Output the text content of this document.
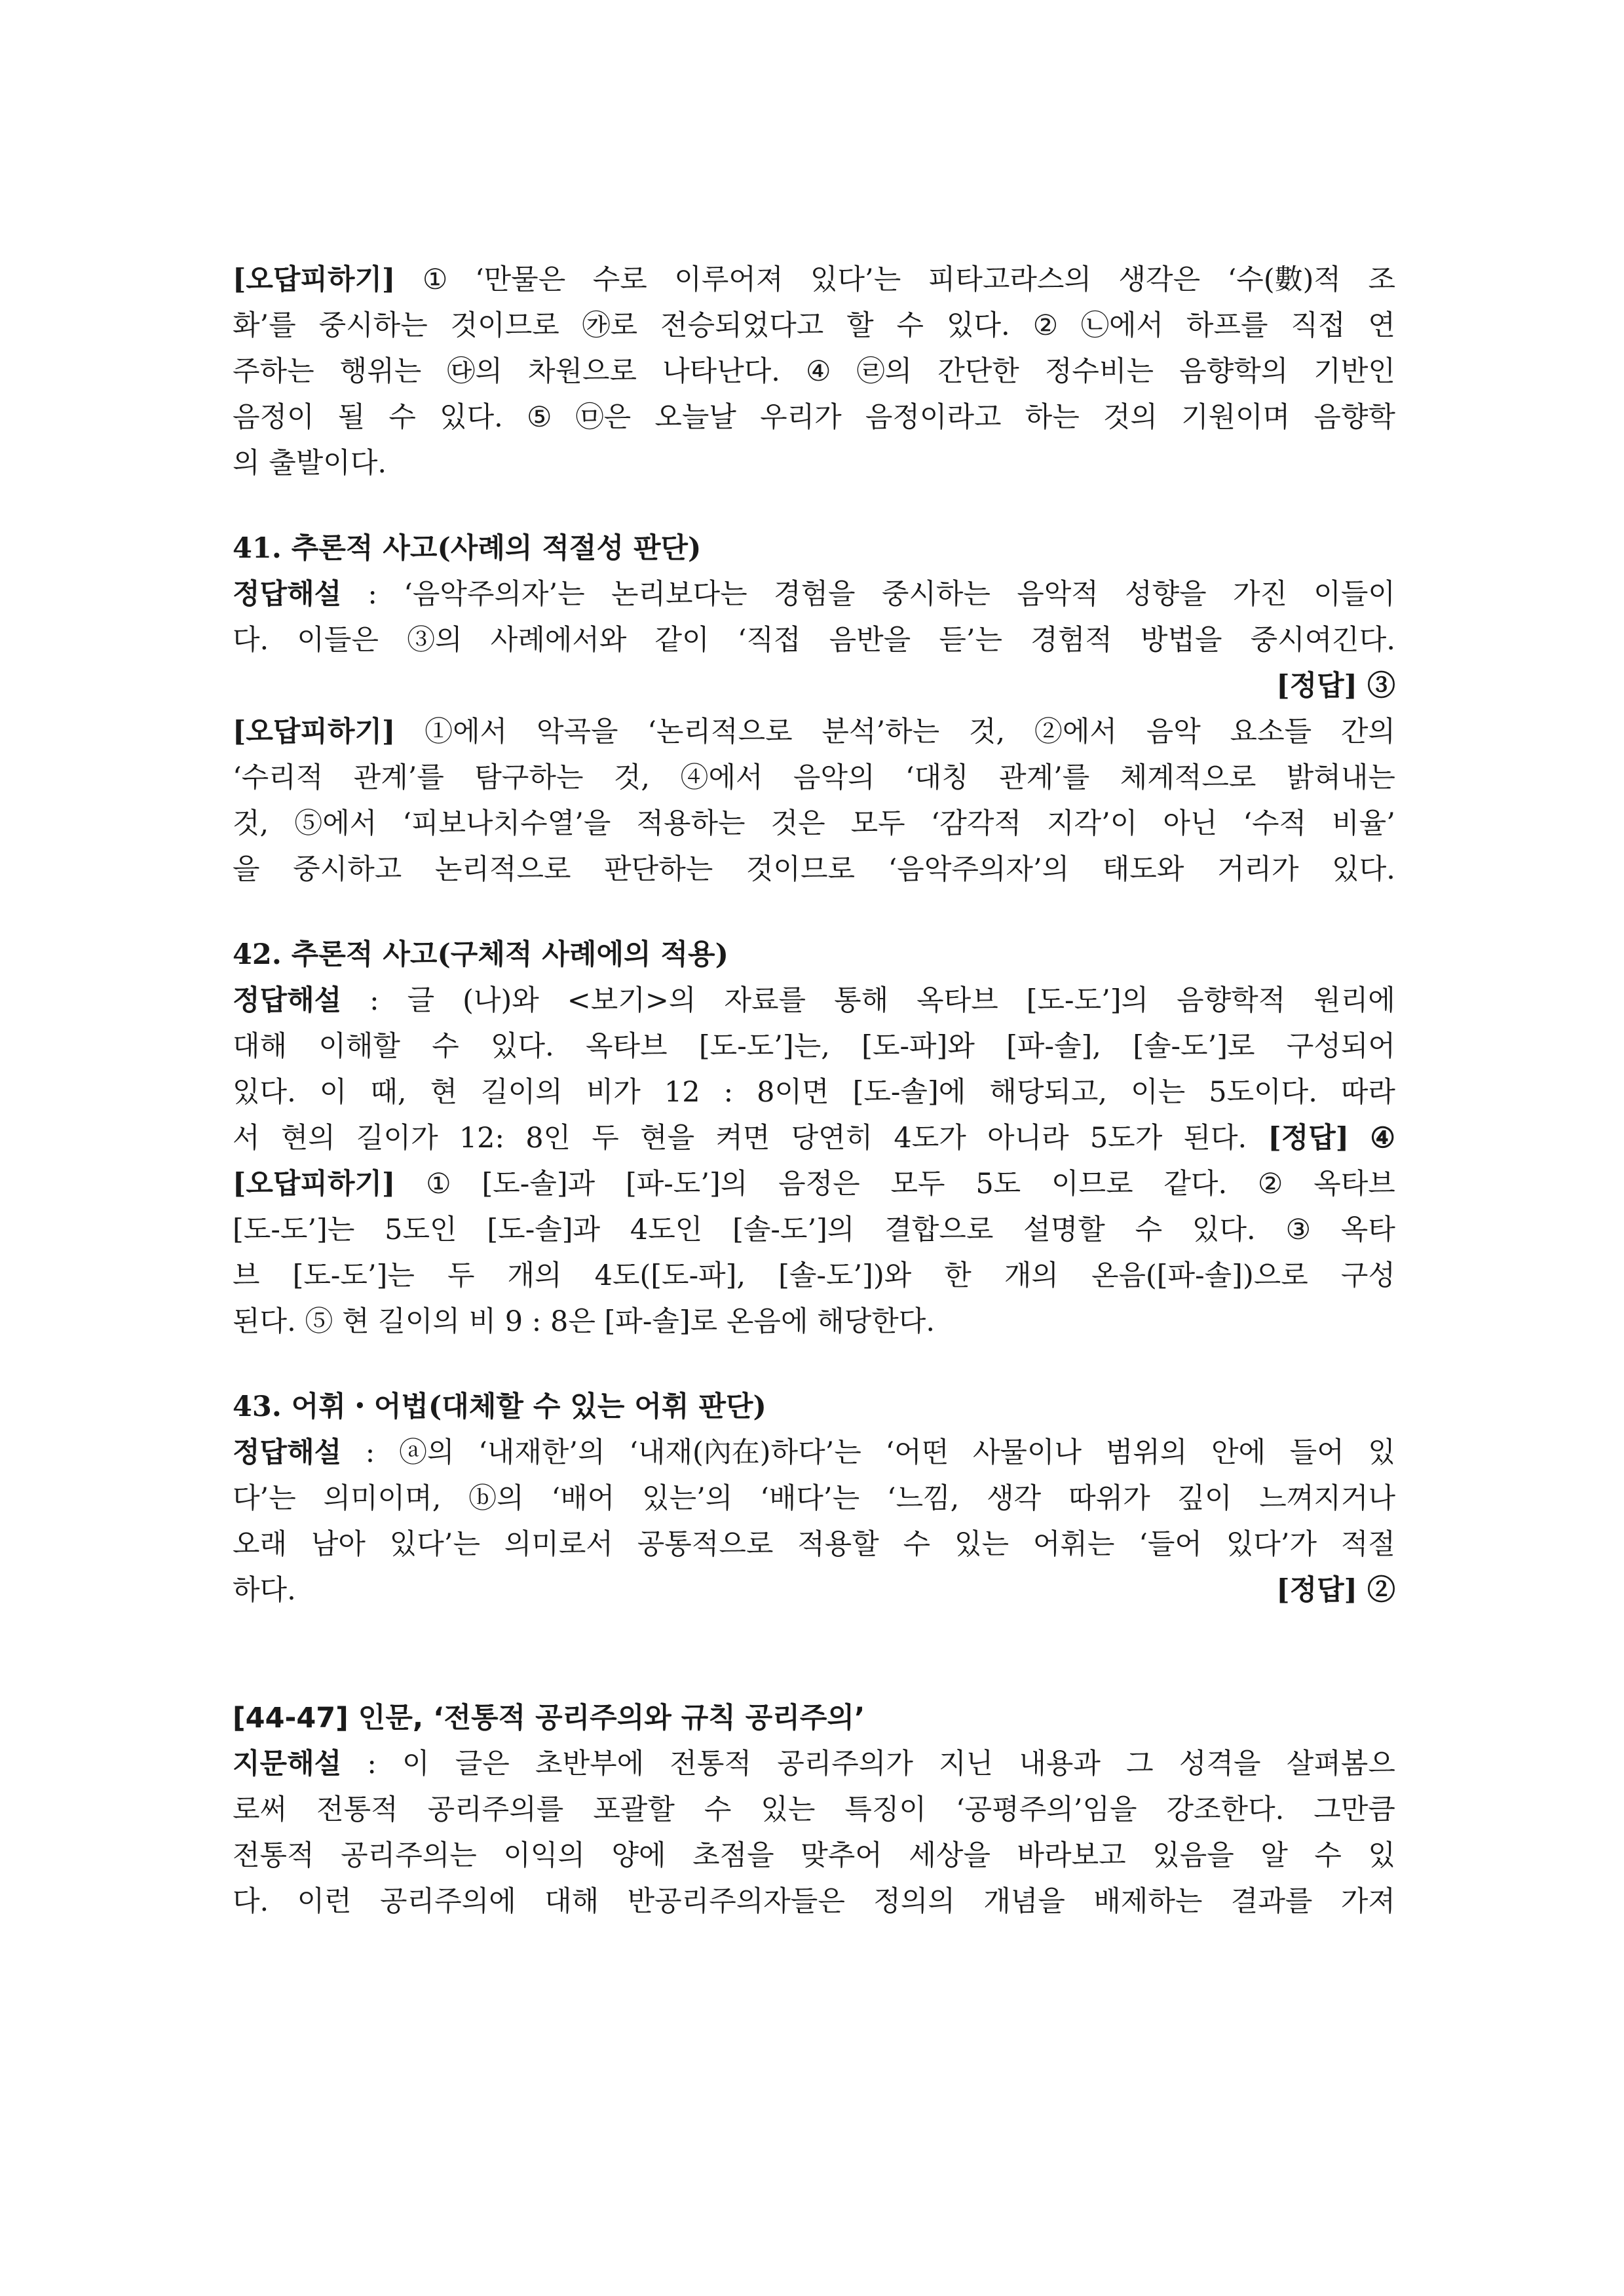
[오답피하기] ① ‘만물은 수로 이루어져 있다’는 피타고라스의 생각은 ‘수(數)적 조
화’를 중시하는 것이므로 ㉮로 전승되었다고 할 수 있다. ② ㉡에서 하프를 직접 연
주하는 행위는 ㉰의 차원으로 나타난다. ④ ㉣의 간단한 정수비는 음향학의 기반인
음정이 될 수 있다. ⑤ ㉤은 오늘날 우리가 음정이라고 하는 것의 기원이며 음향학
의 출발이다.
41. 추론적 사고(사례의 적절성 판단)
정답해설 : ‘음악주의자’는 논리보다는 경험을 중시하는 음악적 성향을 가진 이들이
다. 이들은 ③의 사례에서와 같이 ‘직접 음반을 듣’는 경험적 방법을 중시여긴다.
[정답] ③
[오답피하기] ①에서 악곡을 ‘논리적으로 분석’하는 것, ②에서 음악 요소들 간의
‘수리적 관계’를 탐구하는 것, ④에서 음악의 ‘대칭 관계’를 체계적으로 밝혀내는
것, ⑤에서 ‘피보나치수열’을 적용하는 것은 모두 ‘감각적 지각’이 아닌 ‘수적 비율’
을 중시하고 논리적으로 판단하는 것이므로 ‘음악주의자’의 태도와 거리가 있다.
42. 추론적 사고(구체적 사례에의 적용)
정답해설 : 글 (나)와 <보기>의 자료를 통해 옥타브 [도-도’]의 음향학적 원리에
대해 이해할 수 있다. 옥타브 [도-도’]는, [도-파]와 [파-솔], [솔-도’]로 구성되어
있다. 이 때, 현 길이의 비가 12 : 8이면 [도-솔]에 해당되고, 이는 5도이다. 따라
서 현의 길이가 12: 8인 두 현을 켜면 당연히 4도가 아니라 5도가 된다. [정답] ④
[오답피하기] ① [도-솔]과 [파-도’]의 음정은 모두 5도 이므로 같다. ② 옥타브
[도-도’]는 5도인 [도-솔]과 4도인 [솔-도’]의 결합으로 설명할 수 있다. ③ 옥타
브 [도-도’]는 두 개의 4도([도-파], [솔-도’])와 한 개의 온음([파-솔])으로 구성
된다. ⑤ 현 길이의 비 9 : 8은 [파-솔]로 온음에 해당한다.
43. 어휘・어법(대체할 수 있는 어휘 판단)
정답해설 : ⓐ의 ‘내재한’의 ‘내재(內在)하다’는 ‘어떤 사물이나 범위의 안에 들어 있
다’는 의미이며, ⓑ의 ‘배어 있는’의 ‘배다’는 ‘느낌, 생각 따위가 깊이 느껴지거나
오래 남아 있다’는 의미로서 공통적으로 적용할 수 있는 어휘는 ‘들어 있다’가 적절
하다.	[정답] ②
[44-47] 인문, ‘전통적 공리주의와 규칙 공리주의’
지문해설 : 이 글은 초반부에 전통적 공리주의가 지닌 내용과 그 성격을 살펴봄으
로써 전통적 공리주의를 포괄할 수 있는 특징이 ‘공평주의’임을 강조한다. 그만큼
전통적 공리주의는 이익의 양에 초점을 맞추어 세상을 바라보고 있음을 알 수 있
다. 이런 공리주의에 대해 반공리주의자들은 정의의 개념을 배제하는 결과를 가져
